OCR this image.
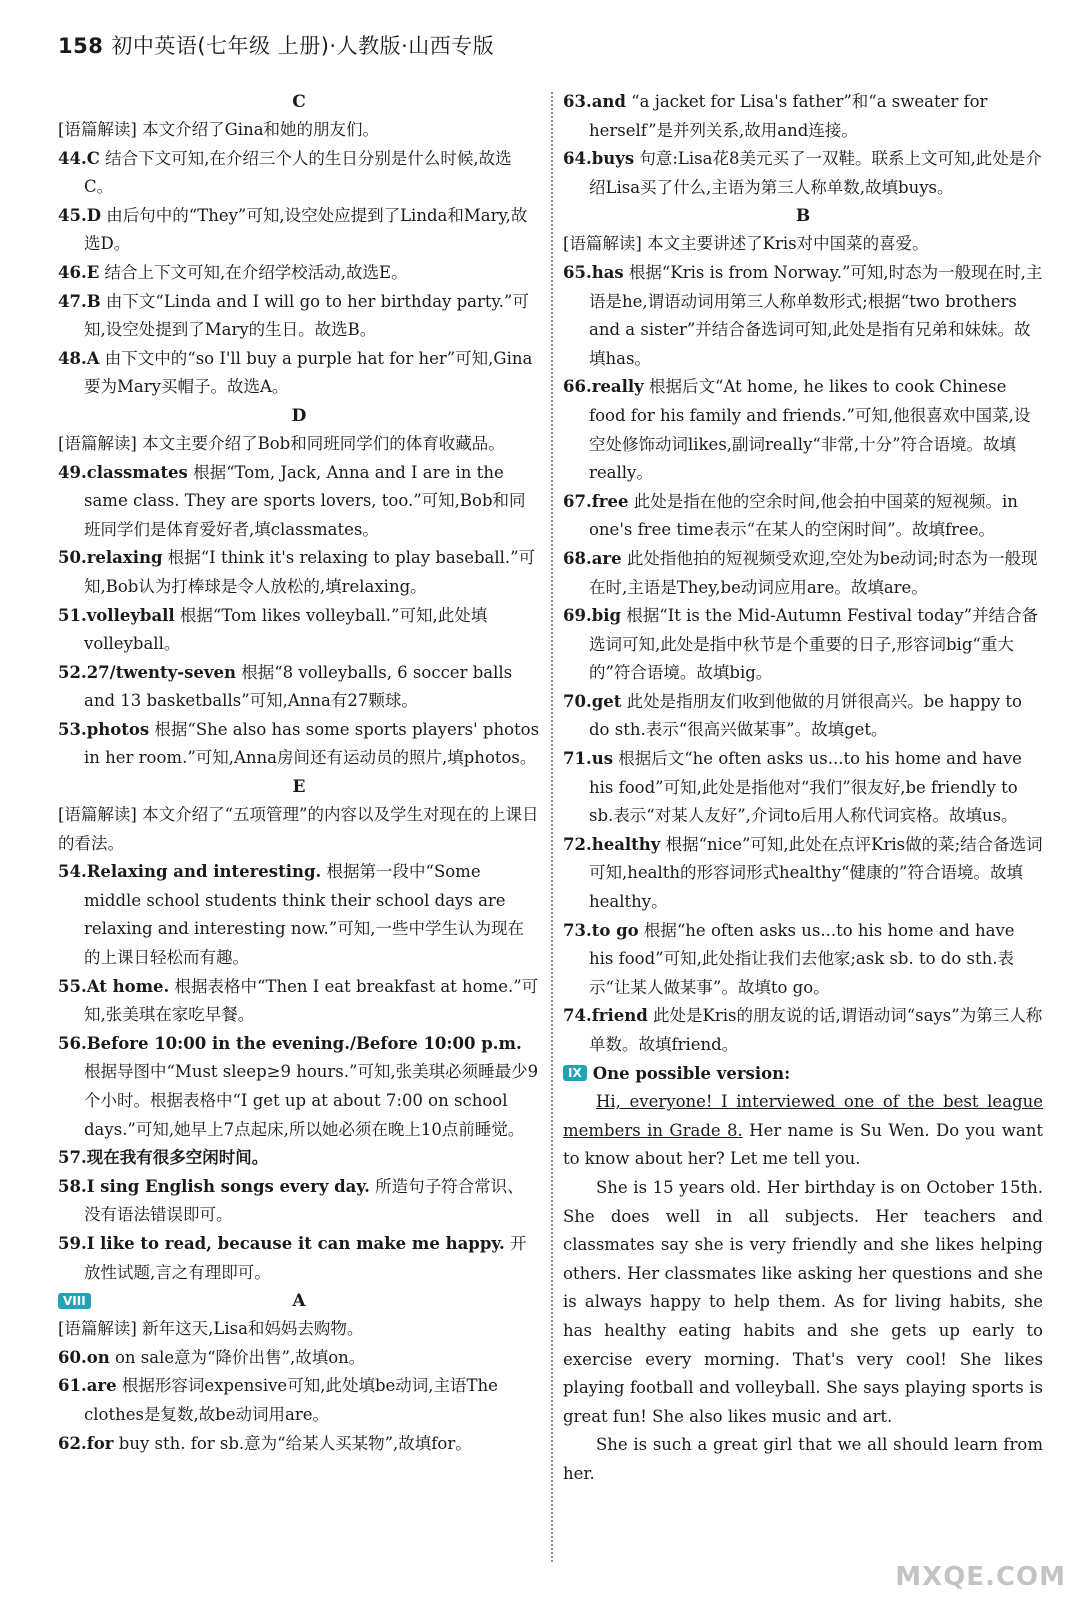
158 初中英语(七年级 上册)·人教版·山西专版
C
[语篇解读] 本文介绍了Gina和她的朋友们。
44.C 结合下文可知,在介绍三个人的生日分别是什么时候,故选C。
45.D 由后句中的“They”可知,设空处应提到了Linda和Mary,故选D。
46.E 结合上下文可知,在介绍学校活动,故选E。
47.B 由下文“Linda and I will go to her birthday party.”可知,设空处提到了Mary的生日。故选B。
48.A 由下文中的“so I'll buy a purple hat for her”可知,Gina要为Mary买帽子。故选A。
D
[语篇解读] 本文主要介绍了Bob和同班同学们的体育收藏品。
49.classmates 根据“Tom, Jack, Anna and I are in the same class. They are sports lovers, too.”可知,Bob和同班同学们是体育爱好者,填classmates。
50.relaxing 根据“I think it's relaxing to play baseball.”可知,Bob认为打棒球是令人放松的,填relaxing。
51.volleyball 根据“Tom likes volleyball.”可知,此处填volleyball。
52.27/twenty-seven 根据“8 volleyballs, 6 soccer balls and 13 basketballs”可知,Anna有27颗球。
53.photos 根据“She also has some sports players' photos in her room.”可知,Anna房间还有运动员的照片,填photos。
E
[语篇解读] 本文介绍了“五项管理”的内容以及学生对现在的上课日的看法。
54.Relaxing and interesting. 根据第一段中“Some middle school students think their school days are relaxing and interesting now.”可知,一些中学生认为现在的上课日轻松而有趣。
55.At home. 根据表格中“Then I eat breakfast at home.”可知,张美琪在家吃早餐。
56.Before 10:00 in the evening./Before 10:00 p.m. 根据导图中“Must sleep≥9 hours.”可知,张美琪必须睡最少9个小时。根据表格中“I get up at about 7:00 on school days.”可知,她早上7点起床,所以她必须在晚上10点前睡觉。
57.现在我有很多空闲时间。
58.I sing English songs every day. 所造句子符合常识、没有语法错误即可。
59.I like to read, because it can make me happy. 开放性试题,言之有理即可。
VIII	A
[语篇解读] 新年这天,Lisa和妈妈去购物。
60.on on sale意为“降价出售”,故填on。
61.are 根据形容词expensive可知,此处填be动词,主语The clothes是复数,故be动词用are。
62.for buy sth. for sb.意为“给某人买某物”,故填for。
63.and “a jacket for Lisa's father”和“a sweater for herself”是并列关系,故用and连接。
64.buys 句意:Lisa花8美元买了一双鞋。联系上文可知,此处是介绍Lisa买了什么,主语为第三人称单数,故填buys。
B
[语篇解读] 本文主要讲述了Kris对中国菜的喜爱。
65.has 根据“Kris is from Norway.”可知,时态为一般现在时,主语是he,谓语动词用第三人称单数形式;根据“two brothers and a sister”并结合备选词可知,此处是指有兄弟和妹妹。故填has。
66.really 根据后文“At home, he likes to cook Chinese food for his family and friends.”可知,他很喜欢中国菜,设空处修饰动词likes,副词really“非常,十分”符合语境。故填really。
67.free 此处是指在他的空余时间,他会拍中国菜的短视频。in one's free time表示“在某人的空闲时间”。故填free。
68.are 此处指他拍的短视频受欢迎,空处为be动词;时态为一般现在时,主语是They,be动词应用are。故填are。
69.big 根据“It is the Mid-Autumn Festival today”并结合备选词可知,此处是指中秋节是个重要的日子,形容词big“重大的”符合语境。故填big。
70.get 此处是指朋友们收到他做的月饼很高兴。be happy to do sth.表示“很高兴做某事”。故填get。
71.us 根据后文“he often asks us...to his home and have his food”可知,此处是指他对“我们”很友好,be friendly to sb.表示“对某人友好”,介词to后用人称代词宾格。故填us。
72.healthy 根据“nice”可知,此处在点评Kris做的菜;结合备选词可知,health的形容词形式healthy“健康的”符合语境。故填healthy。
73.to go 根据“he often asks us...to his home and have his food”可知,此处指让我们去他家;ask sb. to do sth.表示“让某人做某事”。故填to go。
74.friend 此处是Kris的朋友说的话,谓语动词“says”为第三人称单数。故填friend。
IX One possible version:
Hi, everyone! I interviewed one of the best league members in Grade 8. Her name is Su Wen. Do you want to know about her? Let me tell you.
She is 15 years old. Her birthday is on October 15th. She does well in all subjects. Her teachers and classmates say she is very friendly and she likes helping others. Her classmates like asking her questions and she is always happy to help them. As for living habits, she has healthy eating habits and she gets up early to exercise every morning. That's very cool! She likes playing football and volleyball. She says playing sports is great fun! She also likes music and art.
She is such a great girl that we all should learn from her.
MXQE.COM
